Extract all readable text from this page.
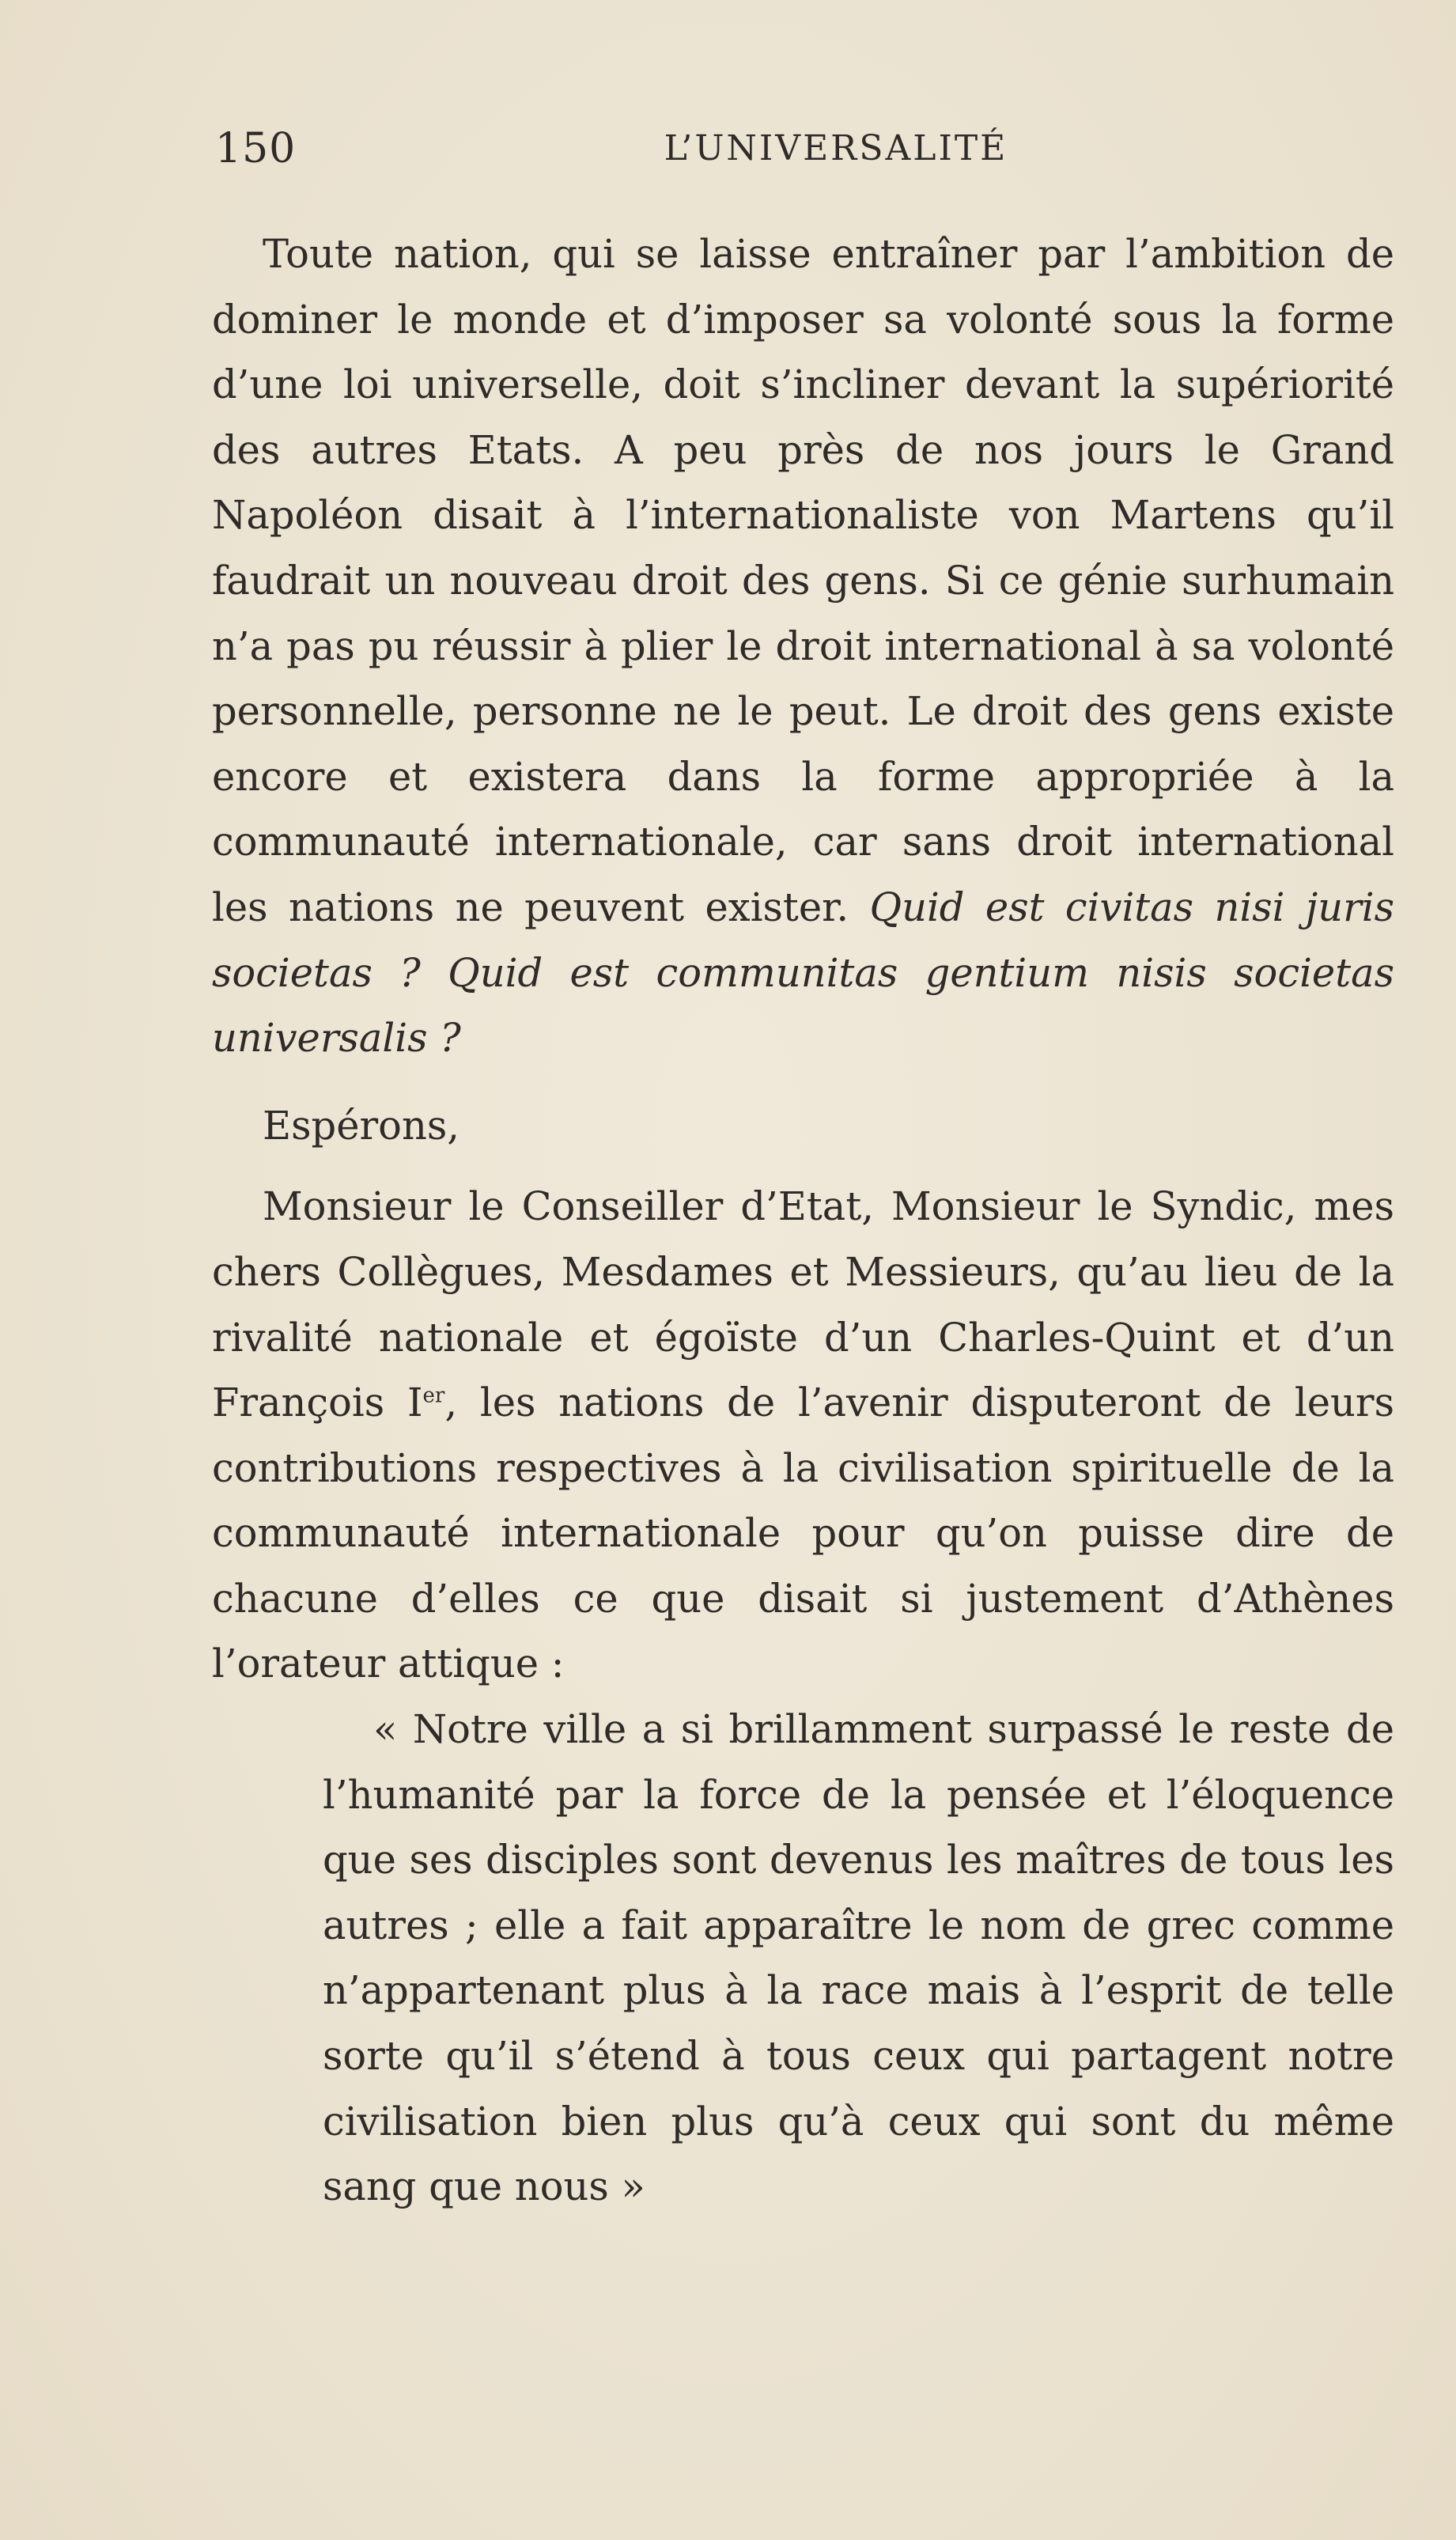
150	L’UNIVERSALITÉ

Toute nation, qui se laisse entraîner par l’ambition de dominer le monde et d’imposer sa volonté sous la forme d’une loi universelle, doit s’incliner devant la supériorité des autres Etats. A peu près de nos jours le Grand Napoléon disait à l’internationaliste von Martens qu’il faudrait un nouveau droit des gens. Si ce génie surhumain n’a pas pu réussir à plier le droit international à sa volonté personnelle, personne ne le peut. Le droit des gens existe encore et existera dans la forme appropriée à la communauté internationale, car sans droit international les nations ne peuvent exister. Quid est civitas nisi juris societas ? Quid est communitas gentium nisis societas universalis ?

Espérons,

Monsieur le Conseiller d’Etat, Monsieur le Syndic, mes chers Collègues, Mesdames et Messieurs, qu’au lieu de la rivalité nationale et égoïste d’un Charles-Quint et d’un François Ier, les nations de l’avenir disputeront de leurs contributions respectives à la civilisation spirituelle de la communauté internationale pour qu’on puisse dire de chacune d’elles ce que disait si justement d’Athènes l’orateur attique :

« Notre ville a si brillamment surpassé le reste de l’humanité par la force de la pensée et l’éloquence que ses disciples sont devenus les maîtres de tous les autres ; elle a fait apparaître le nom de grec comme n’appartenant plus à la race mais à l’esprit de telle sorte qu’il s’étend à tous ceux qui partagent notre civilisation bien plus qu’à ceux qui sont du même sang que nous »
